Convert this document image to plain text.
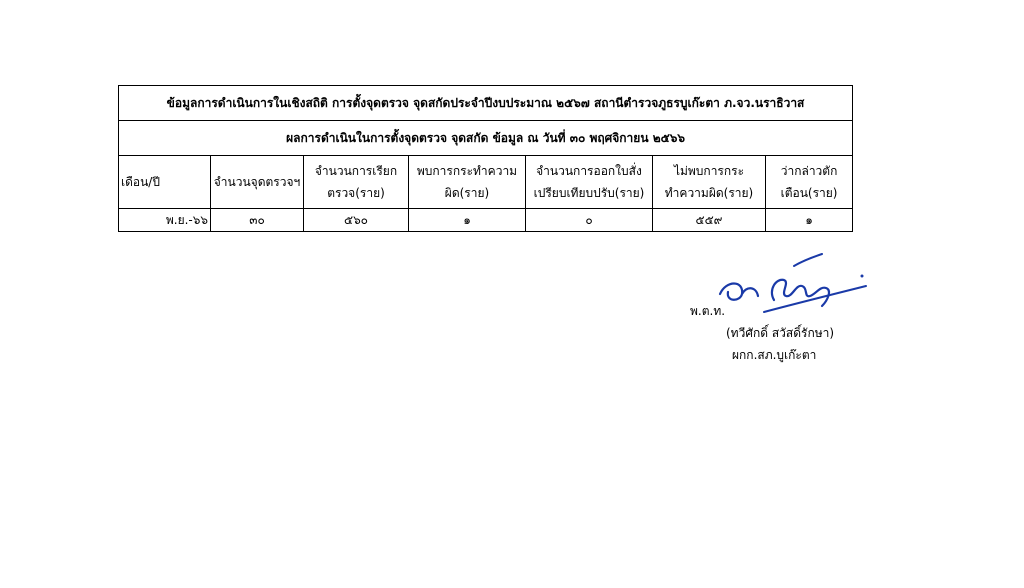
ข้อมูลการดำเนินการในเชิงสถิติ การตั้งจุดตรวจ จุดสกัดประจำปีงบประมาณ ๒๕๖๗ สถานีตำรวจภูธรบูเก๊ะตา ภ.จว.นราธิวาส						
ผลการดำเนินในการตั้งจุดตรวจ จุดสกัด ข้อมูล ณ วันที่ ๓๐ พฤศจิกายน ๒๕๖๖						
เดือน/ปี	จำนวนจุดตรวจฯ	จำนวนการเรียกตรวจ(ราย)	พบการกระทำความผิด(ราย)	จำนวนการออกใบสั่งเปรียบเทียบปรับ(ราย)	ไม่พบการกระทำความผิด(ราย)	ว่ากล่าวตักเตือน(ราย)
พ.ย.-๖๖	๓๐	๕๖๐	๑	๐	๕๕๙	๑
พ.ต.ท.
(ทวีศักดิ์ สวัสดิ์รักษา)
ผกก.สภ.บูเก๊ะตา
